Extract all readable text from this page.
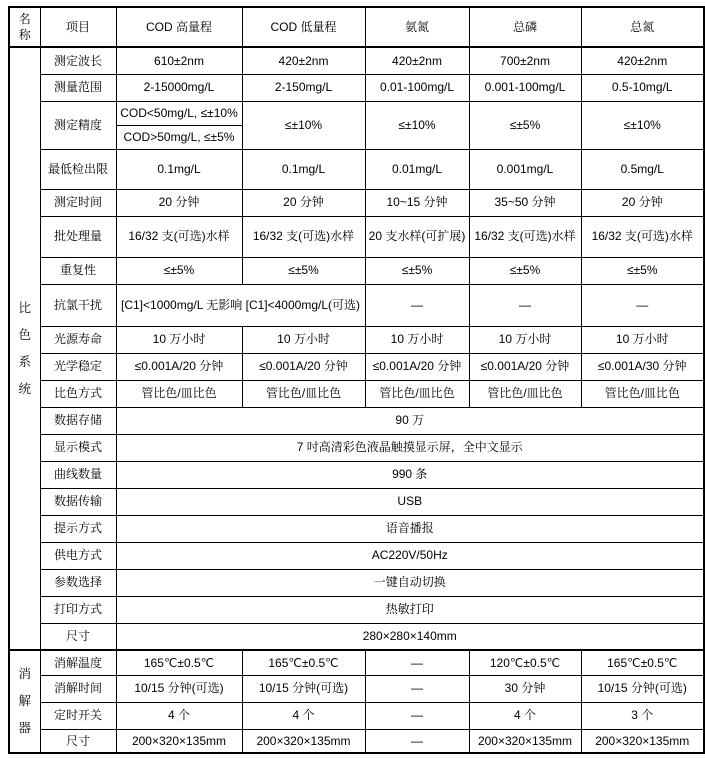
名称	项目	COD 高量程	COD 低量程	氨氮	总磷	总氮

比色系统	测定波长	610±2nm	420±2nm	420±2nm	700±2nm	420±2nm
	测量范围	2-15000mg/L	2-150mg/L	0.01-100mg/L	0.001-100mg/L	0.5-10mg/L
	测定精度	COD<50mg/L, ≤±10%	≤±10%	≤±10%	≤±5%	≤±10%
		COD>50mg/L, ≤±5%				
	最低检出限	0.1mg/L	0.1mg/L	0.01mg/L	0.001mg/L	0.5mg/L
	测定时间	20 分钟	20 分钟	10~15 分钟	35~50 分钟	20 分钟
	批处理量	16/32 支(可选)水样	16/32 支(可选)水样	20 支水样(可扩展)	16/32 支(可选)水样	16/32 支(可选)水样
	重复性	≤±5%	≤±5%	≤±5%	≤±5%	≤±5%
	抗氯干扰	[C1]<1000mg/L 无影响 [C1]<4000mg/L(可选)		—	—	—
	光源寿命	10 万小时	10 万小时	10 万小时	10 万小时	10 万小时
	光学稳定	≤0.001A/20 分钟	≤0.001A/20 分钟	≤0.001A/20 分钟	≤0.001A/20 分钟	≤0.001A/30 分钟
	比色方式	管比色/皿比色	管比色/皿比色	管比色/皿比色	管比色/皿比色	管比色/皿比色
	数据存储	90 万				
	显示模式	7 吋高清彩色液晶触摸显示屏，全中文显示				
	曲线数量	990 条				
	数据传输	USB				
	提示方式	语音播报				
	供电方式	AC220V/50Hz				
	参数选择	一键自动切换				
	打印方式	热敏打印				
	尺寸	280×280×140mm				

消解器	消解温度	165℃±0.5℃	165℃±0.5℃	—	120℃±0.5℃	165℃±0.5℃
	消解时间	10/15 分钟(可选)	10/15 分钟(可选)	—	30 分钟	10/15 分钟(可选)
	定时开关	4 个	4 个	—	4 个	3 个
	尺寸	200×320×135mm	200×320×135mm	—	200×320×135mm	200×320×135mm
